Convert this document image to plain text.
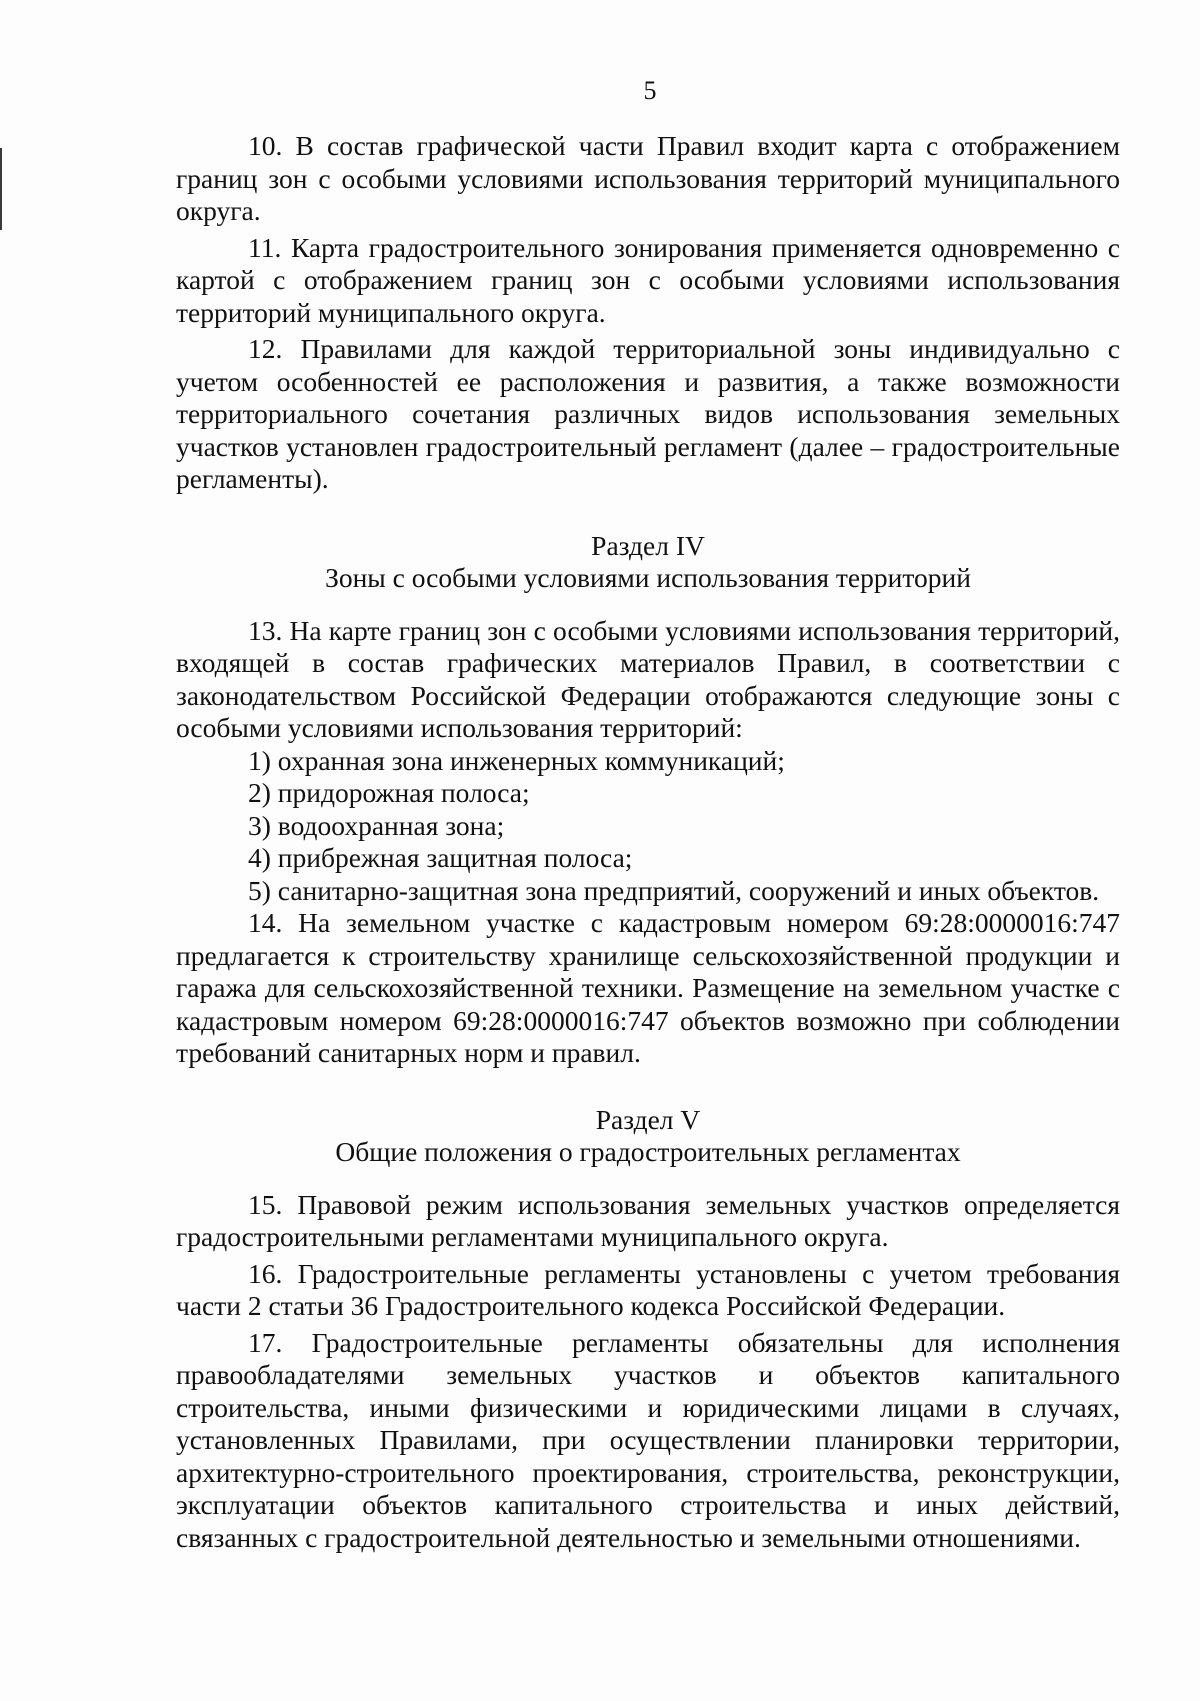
5

10. В состав графической части Правил входит карта с отображением границ зон с особыми условиями использования территорий муниципального округа.

11. Карта градостроительного зонирования применяется одновременно с картой с отображением границ зон с особыми условиями использования территорий муниципального округа.

12. Правилами для каждой территориальной зоны индивидуально с учетом особенностей ее расположения и развития, а также возможности территориального сочетания различных видов использования земельных участков установлен градостроительный регламент (далее – градостроительные регламенты).

Раздел IV

Зоны с особыми условиями использования территорий

13. На карте границ зон с особыми условиями использования территорий, входящей в состав графических материалов Правил, в соответствии с законодательством Российской Федерации отображаются следующие зоны с особыми условиями использования территорий:

1) охранная зона инженерных коммуникаций;

2) придорожная полоса;

3) водоохранная зона;

4) прибрежная защитная полоса;

5) санитарно-защитная зона предприятий, сооружений и иных объектов.

14. На земельном участке с кадастровым номером 69:28:0000016:747 предлагается к строительству хранилище сельскохозяйственной продукции и гаража для сельскохозяйственной техники. Размещение на земельном участке с кадастровым номером 69:28:0000016:747 объектов возможно при соблюдении требований санитарных норм и правил.

Раздел V

Общие положения о градостроительных регламентах

15. Правовой режим использования земельных участков определяется градостроительными регламентами муниципального округа.

16. Градостроительные регламенты установлены с учетом требования части 2 статьи 36 Градостроительного кодекса Российской Федерации.

17. Градостроительные регламенты обязательны для исполнения правообладателями земельных участков и объектов капитального строительства, иными физическими и юридическими лицами в случаях, установленных Правилами, при осуществлении планировки территории, архитектурно-строительного проектирования, строительства, реконструкции, эксплуатации объектов капитального строительства и иных действий, связанных с градостроительной деятельностью и земельными отношениями.
